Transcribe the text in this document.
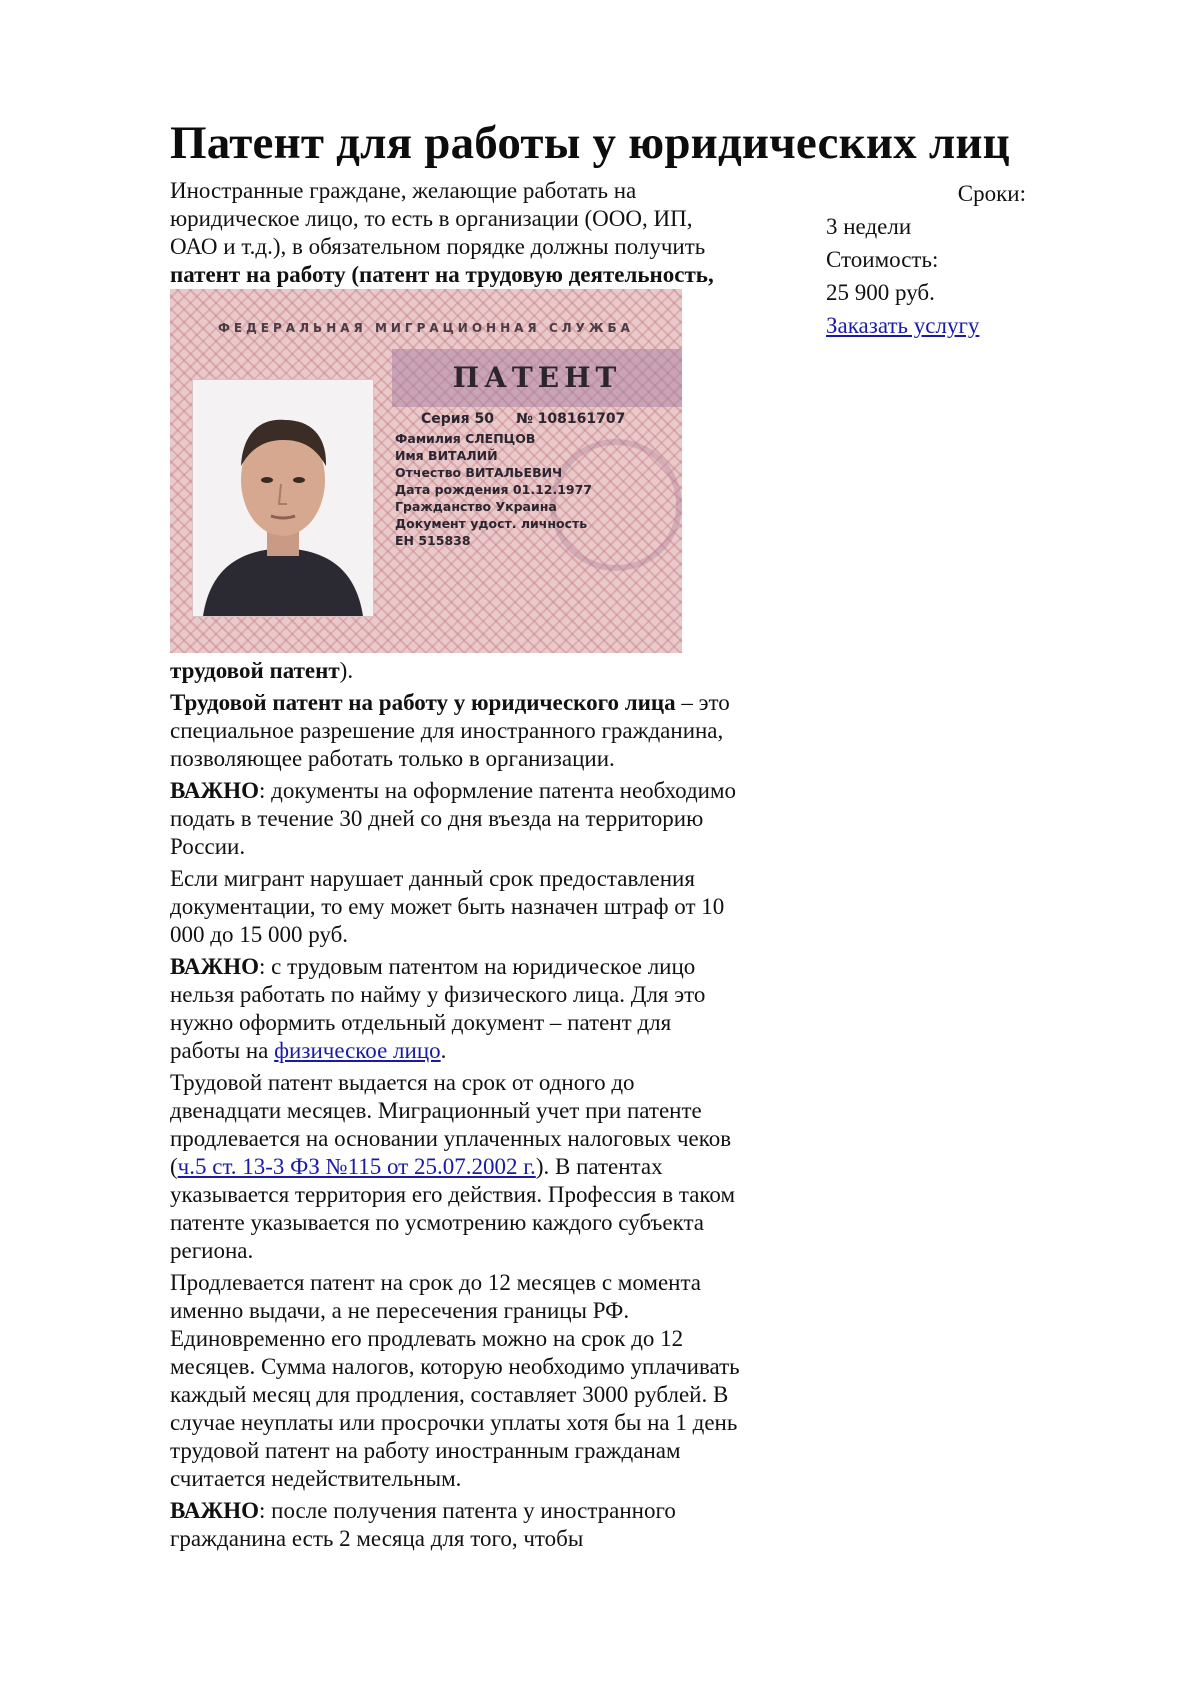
Патент для работы у юридических лиц

Иностранные граждане, желающие работать на юридическое лицо, то есть в организации (ООО, ИП, ОАО и т.д.), в обязательном порядке должны получить патент на работу (патент на трудовую деятельность,

ФЕДЕРАЛЬНАЯ МИГРАЦИОННАЯ СЛУЖБА
ПАТЕНТ
Серия 50 № 108161707
Фамилия СЛЕПЦОВ
Имя ВИТАЛИЙ
Отчество ВИТАЛЬЕВИЧ
Дата рождения 01.12.1977
Гражданство Украина
Документ удост. личность
ЕН 515838

трудовой патент).

Трудовой патент на работу у юридического лица – это специальное разрешение для иностранного гражданина, позволяющее работать только в организации.

ВАЖНО: документы на оформление патента необходимо подать в течение 30 дней со дня въезда на территорию России.

Если мигрант нарушает данный срок предоставления документации, то ему может быть назначен штраф от 10 000 до 15 000 руб.

ВАЖНО: с трудовым патентом на юридическое лицо нельзя работать по найму у физического лица. Для это нужно оформить отдельный документ – патент для работы на физическое лицо.

Трудовой патент выдается на срок от одного до двенадцати месяцев. Миграционный учет при патенте продлевается на основании уплаченных налоговых чеков (ч.5 ст. 13-3 ФЗ №115 от 25.07.2002 г.). В патентах указывается территория его действия. Профессия в таком патенте указывается по усмотрению каждого субъекта региона.

Продлевается патент на срок до 12 месяцев с момента именно выдачи, а не пересечения границы РФ. Единовременно его продлевать можно на срок до 12 месяцев. Сумма налогов, которую необходимо уплачивать каждый месяц для продления, составляет 3000 рублей. В случае неуплаты или просрочки уплаты хотя бы на 1 день трудовой патент на работу иностранным гражданам считается недействительным.

ВАЖНО: после получения патента у иностранного гражданина есть 2 месяца для того, чтобы

Сроки:
3 недели
Стоимость:
25 900 руб.
Заказать услугу
